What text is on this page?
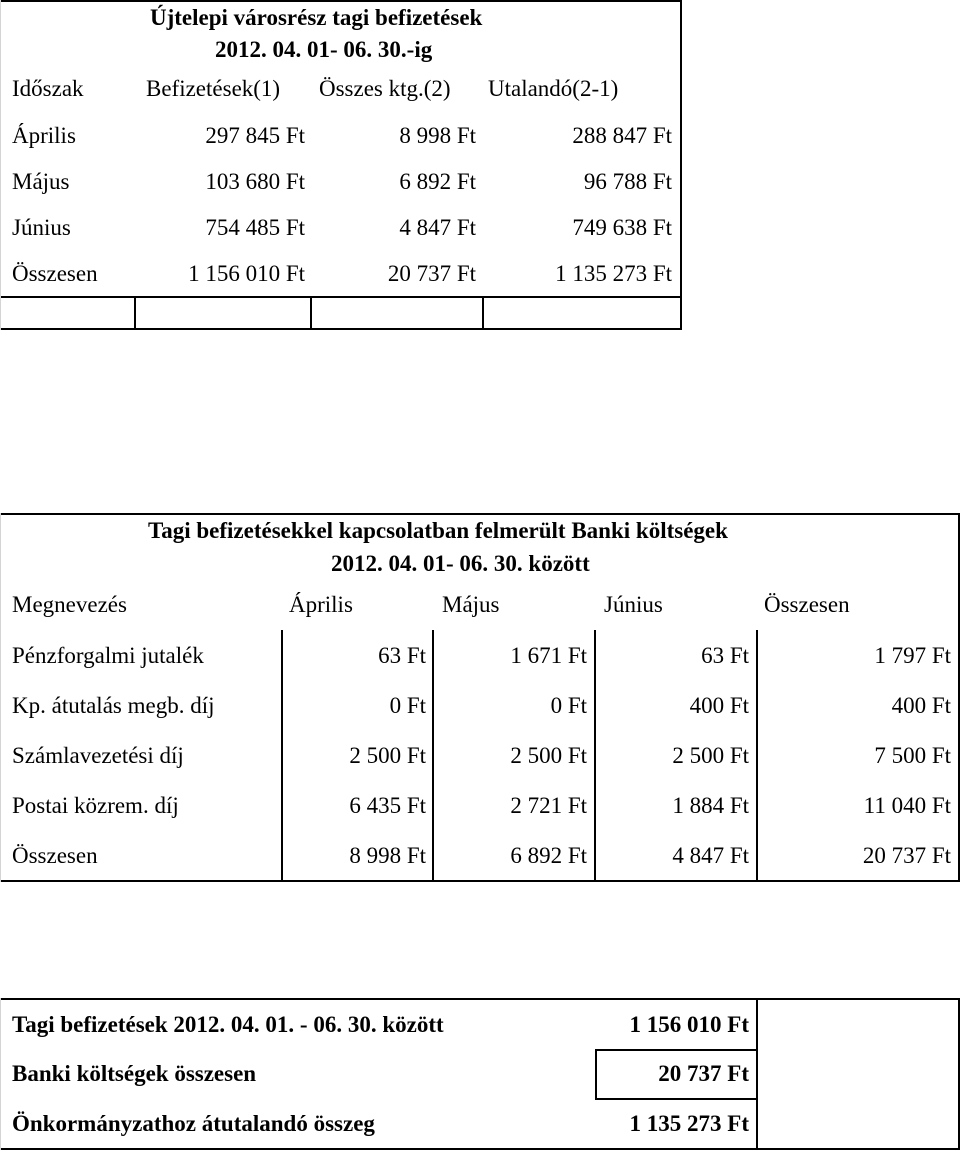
Újtelepi városrész tagi befizetések
2012. 04. 01- 06. 30.-ig
Időszak	Befizetések(1) Összes ktg.(2) Utalandó(2-1)
Április	297 845 Ft	8 998 Ft	288 847 Ft
Május	103 680 Ft	6 892 Ft	96 788 Ft
Június	754 485 Ft	4 847 Ft	749 638 Ft
Összesen	1 156 010 Ft	20 737 Ft	1 135 273 Ft
Tagi befizetésekkel kapcsolatban felmerült Banki költségek
2012. 04. 01- 06. 30. között
Megnevezés	Április	Május	Június	Összesen
Pénzforgalmi jutalék	63 Ft	1 671 Ft	63 Ft	1 797 Ft
Kp. átutalás megb. díj	0 Ft	0 Ft	400 Ft	400 Ft
Számlavezetési díj	2 500 Ft	2 500 Ft	2 500 Ft	7 500 Ft
Postai közrem. díj	6 435 Ft	2 721 Ft	1 884 Ft	11 040 Ft
Összesen	8 998 Ft	6 892 Ft	4 847 Ft	20 737 Ft
Tagi befizetések 2012. 04. 01. - 06. 30. között	1 156 010 Ft
Banki költségek összesen	20 737 Ft
Önkormányzathoz átutalandó összeg	1 135 273 Ft
